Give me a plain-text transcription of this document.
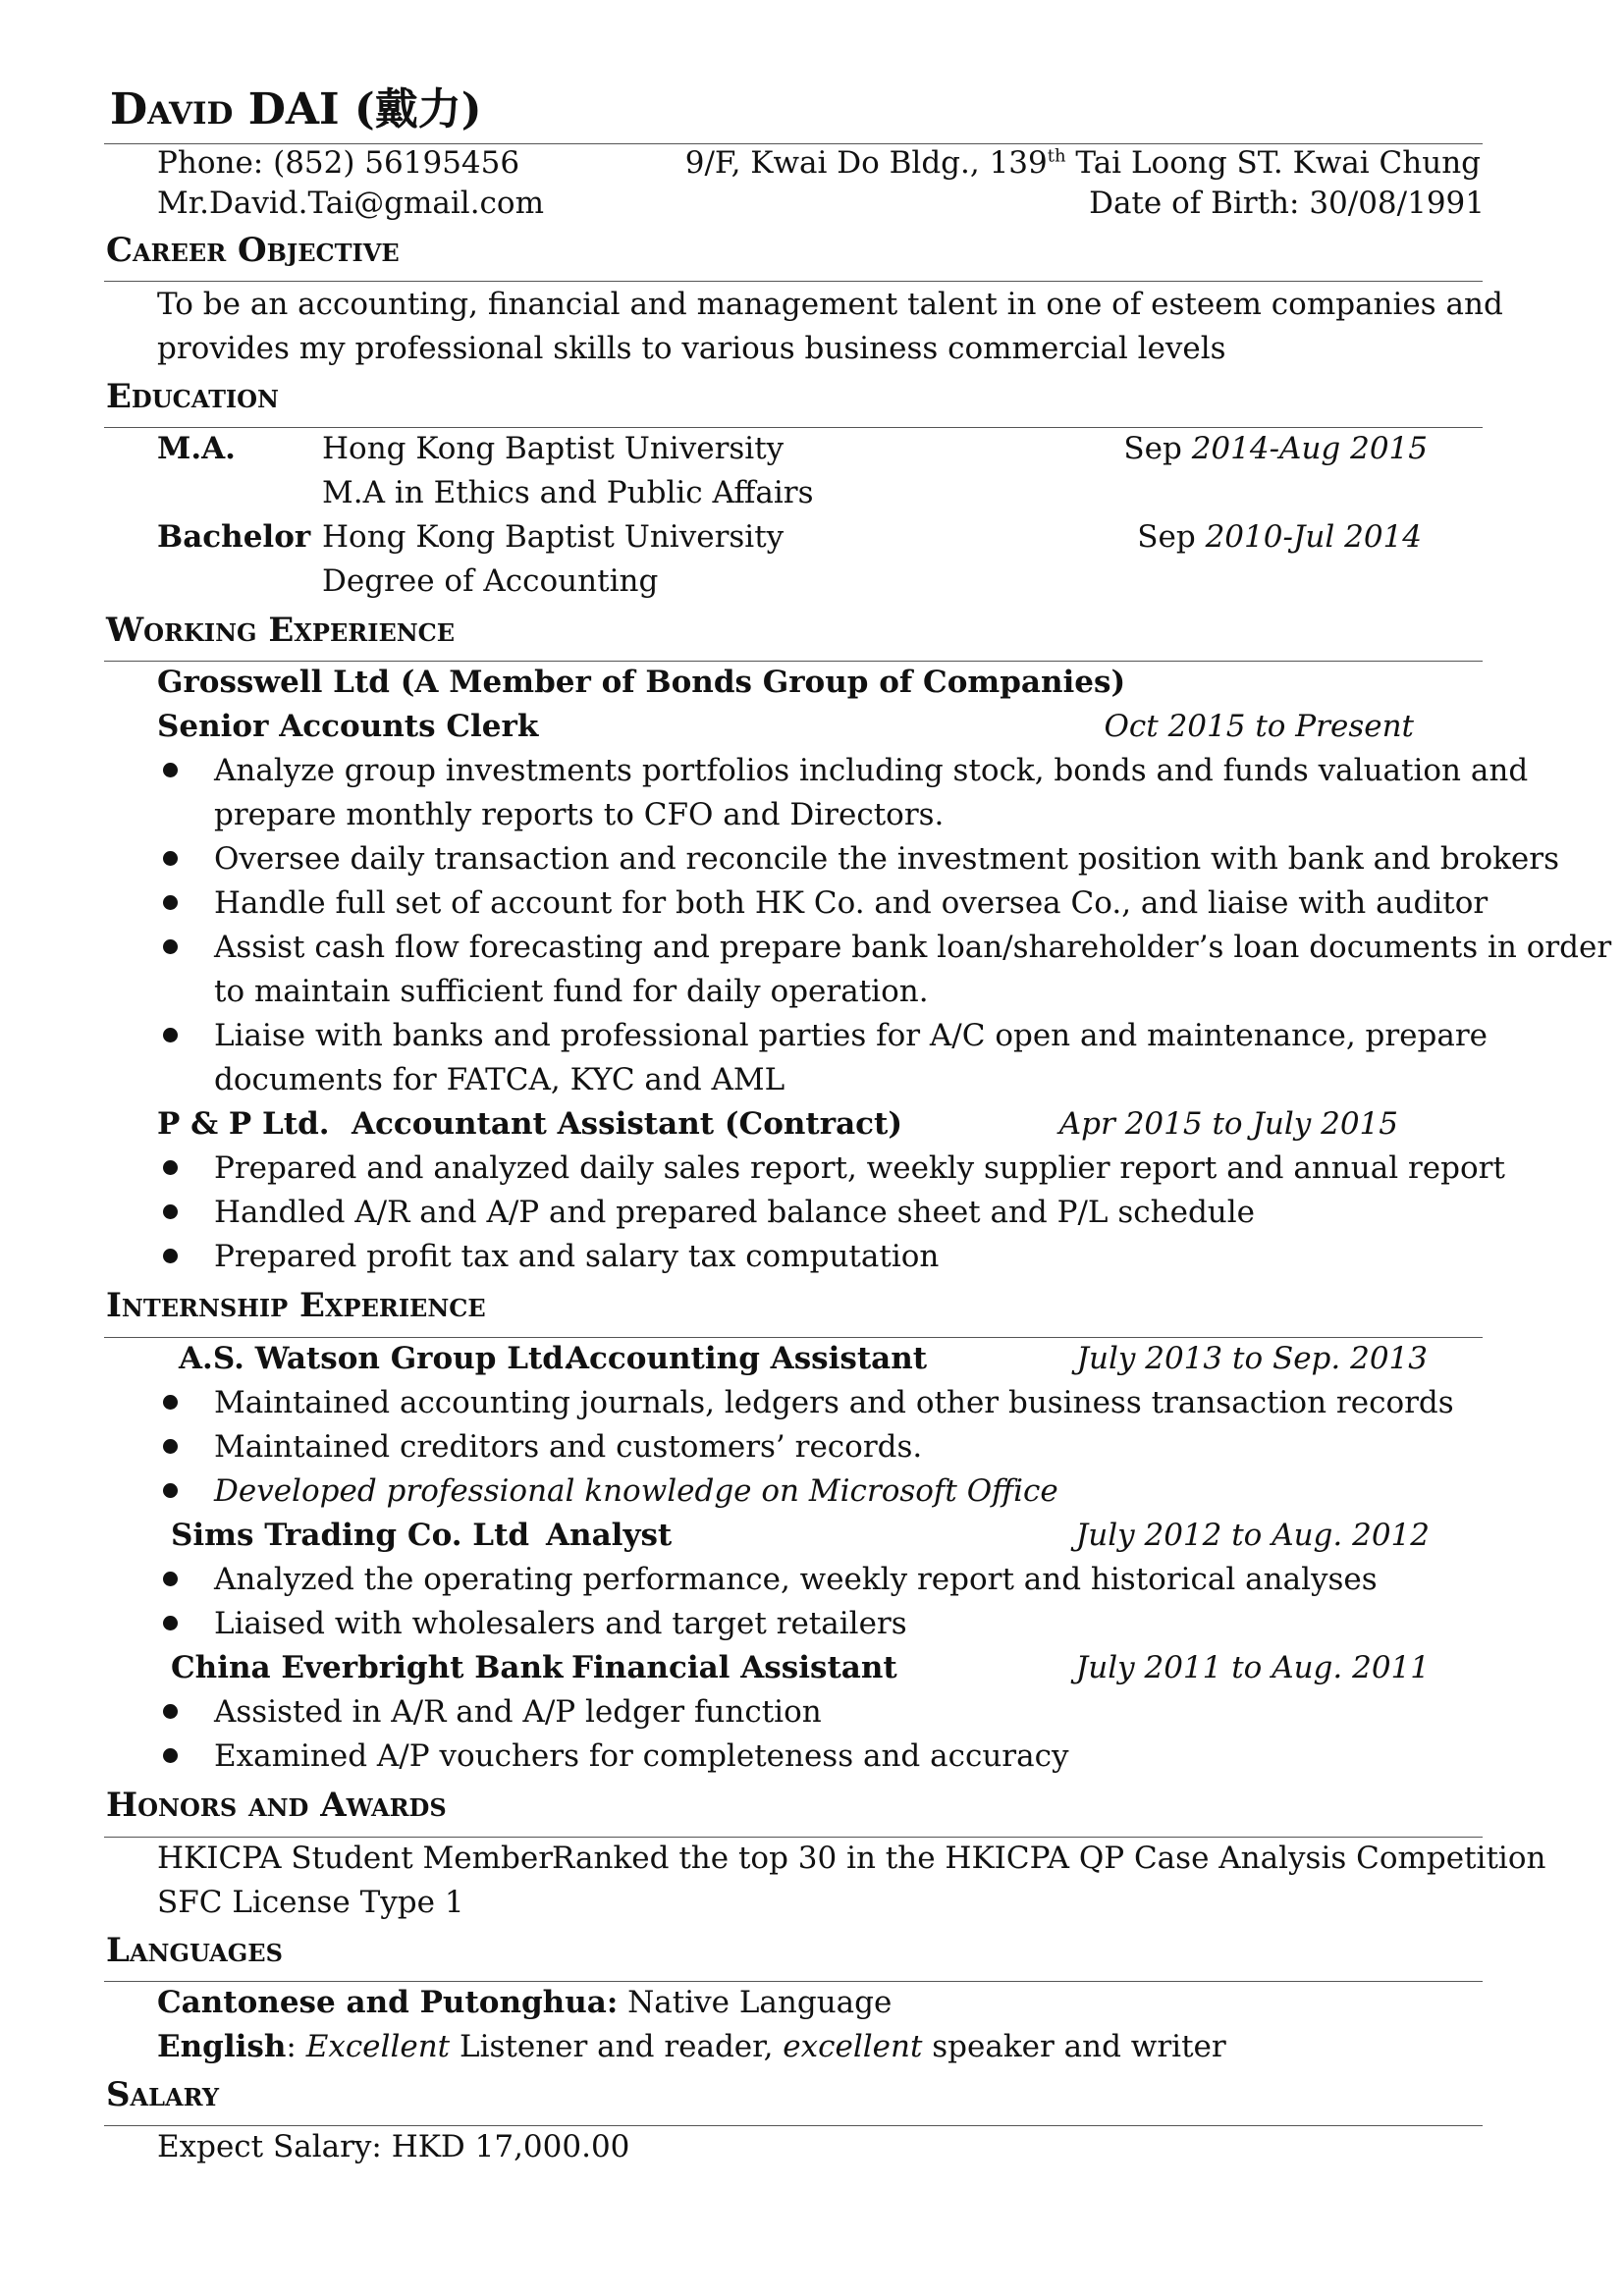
David DAI (戴力)
Phone: (852) 56195456	9/F, Kwai Do Bldg., 139th Tai Loong ST. Kwai Chung
Mr.David.Tai@gmail.com	Date of Birth: 30/08/1991
Career Objective
To be an accounting, financial and management talent in one of esteem companies and
provides my professional skills to various business commercial levels
Education
M.A.	Hong Kong Baptist University	Sep 2014-Aug 2015
M.A in Ethics and Public Affairs
Bachelor Hong Kong Baptist University	Sep 2010-Jul 2014
Degree of Accounting
Working Experience
Grosswell Ltd (A Member of Bonds Group of Companies)
Senior Accounts Clerk	Oct 2015 to Present
Analyze group investments portfolios including stock, bonds and funds valuation and
prepare monthly reports to CFO and Directors.
Oversee daily transaction and reconcile the investment position with bank and brokers
Handle full set of account for both HK Co. and oversea Co., and liaise with auditor
Assist cash flow forecasting and prepare bank loan/shareholder’s loan documents in order
to maintain sufficient fund for daily operation.
Liaise with banks and professional parties for A/C open and maintenance, prepare
documents for FATCA, KYC and AML
P & P Ltd. Accountant Assistant (Contract)	Apr 2015 to July 2015
Prepared and analyzed daily sales report, weekly supplier report and annual report
Handled A/R and A/P and prepared balance sheet and P/L schedule
Prepared profit tax and salary tax computation
Internship Experience
A.S. Watson Group Ltd.
Accounting Assistant	July 2013 to Sep. 2013
Maintained accounting journals, ledgers and other business transaction records
Maintained creditors and customers’ records.
Developed professional knowledge on Microsoft Office
Sims Trading Co. Ltd Analyst	July 2012 to Aug. 2012
Analyzed the operating performance, weekly report and historical analyses
Liaised with wholesalers and target retailers
China Everbright Bank Financial Assistant	July 2011 to Aug. 2011
Assisted in A/R and A/P ledger function
Examined A/P vouchers for completeness and accuracy
Honors and Awards
HKICPA Student Member
Ranked the top 30 in the HKICPA QP Case Analysis Competition
SFC License Type 1
Languages
Cantonese and Putonghua: Native Language
English: Excellent Listener and reader, excellent speaker and writer
Salary
Expect Salary: HKD 17,000.00
